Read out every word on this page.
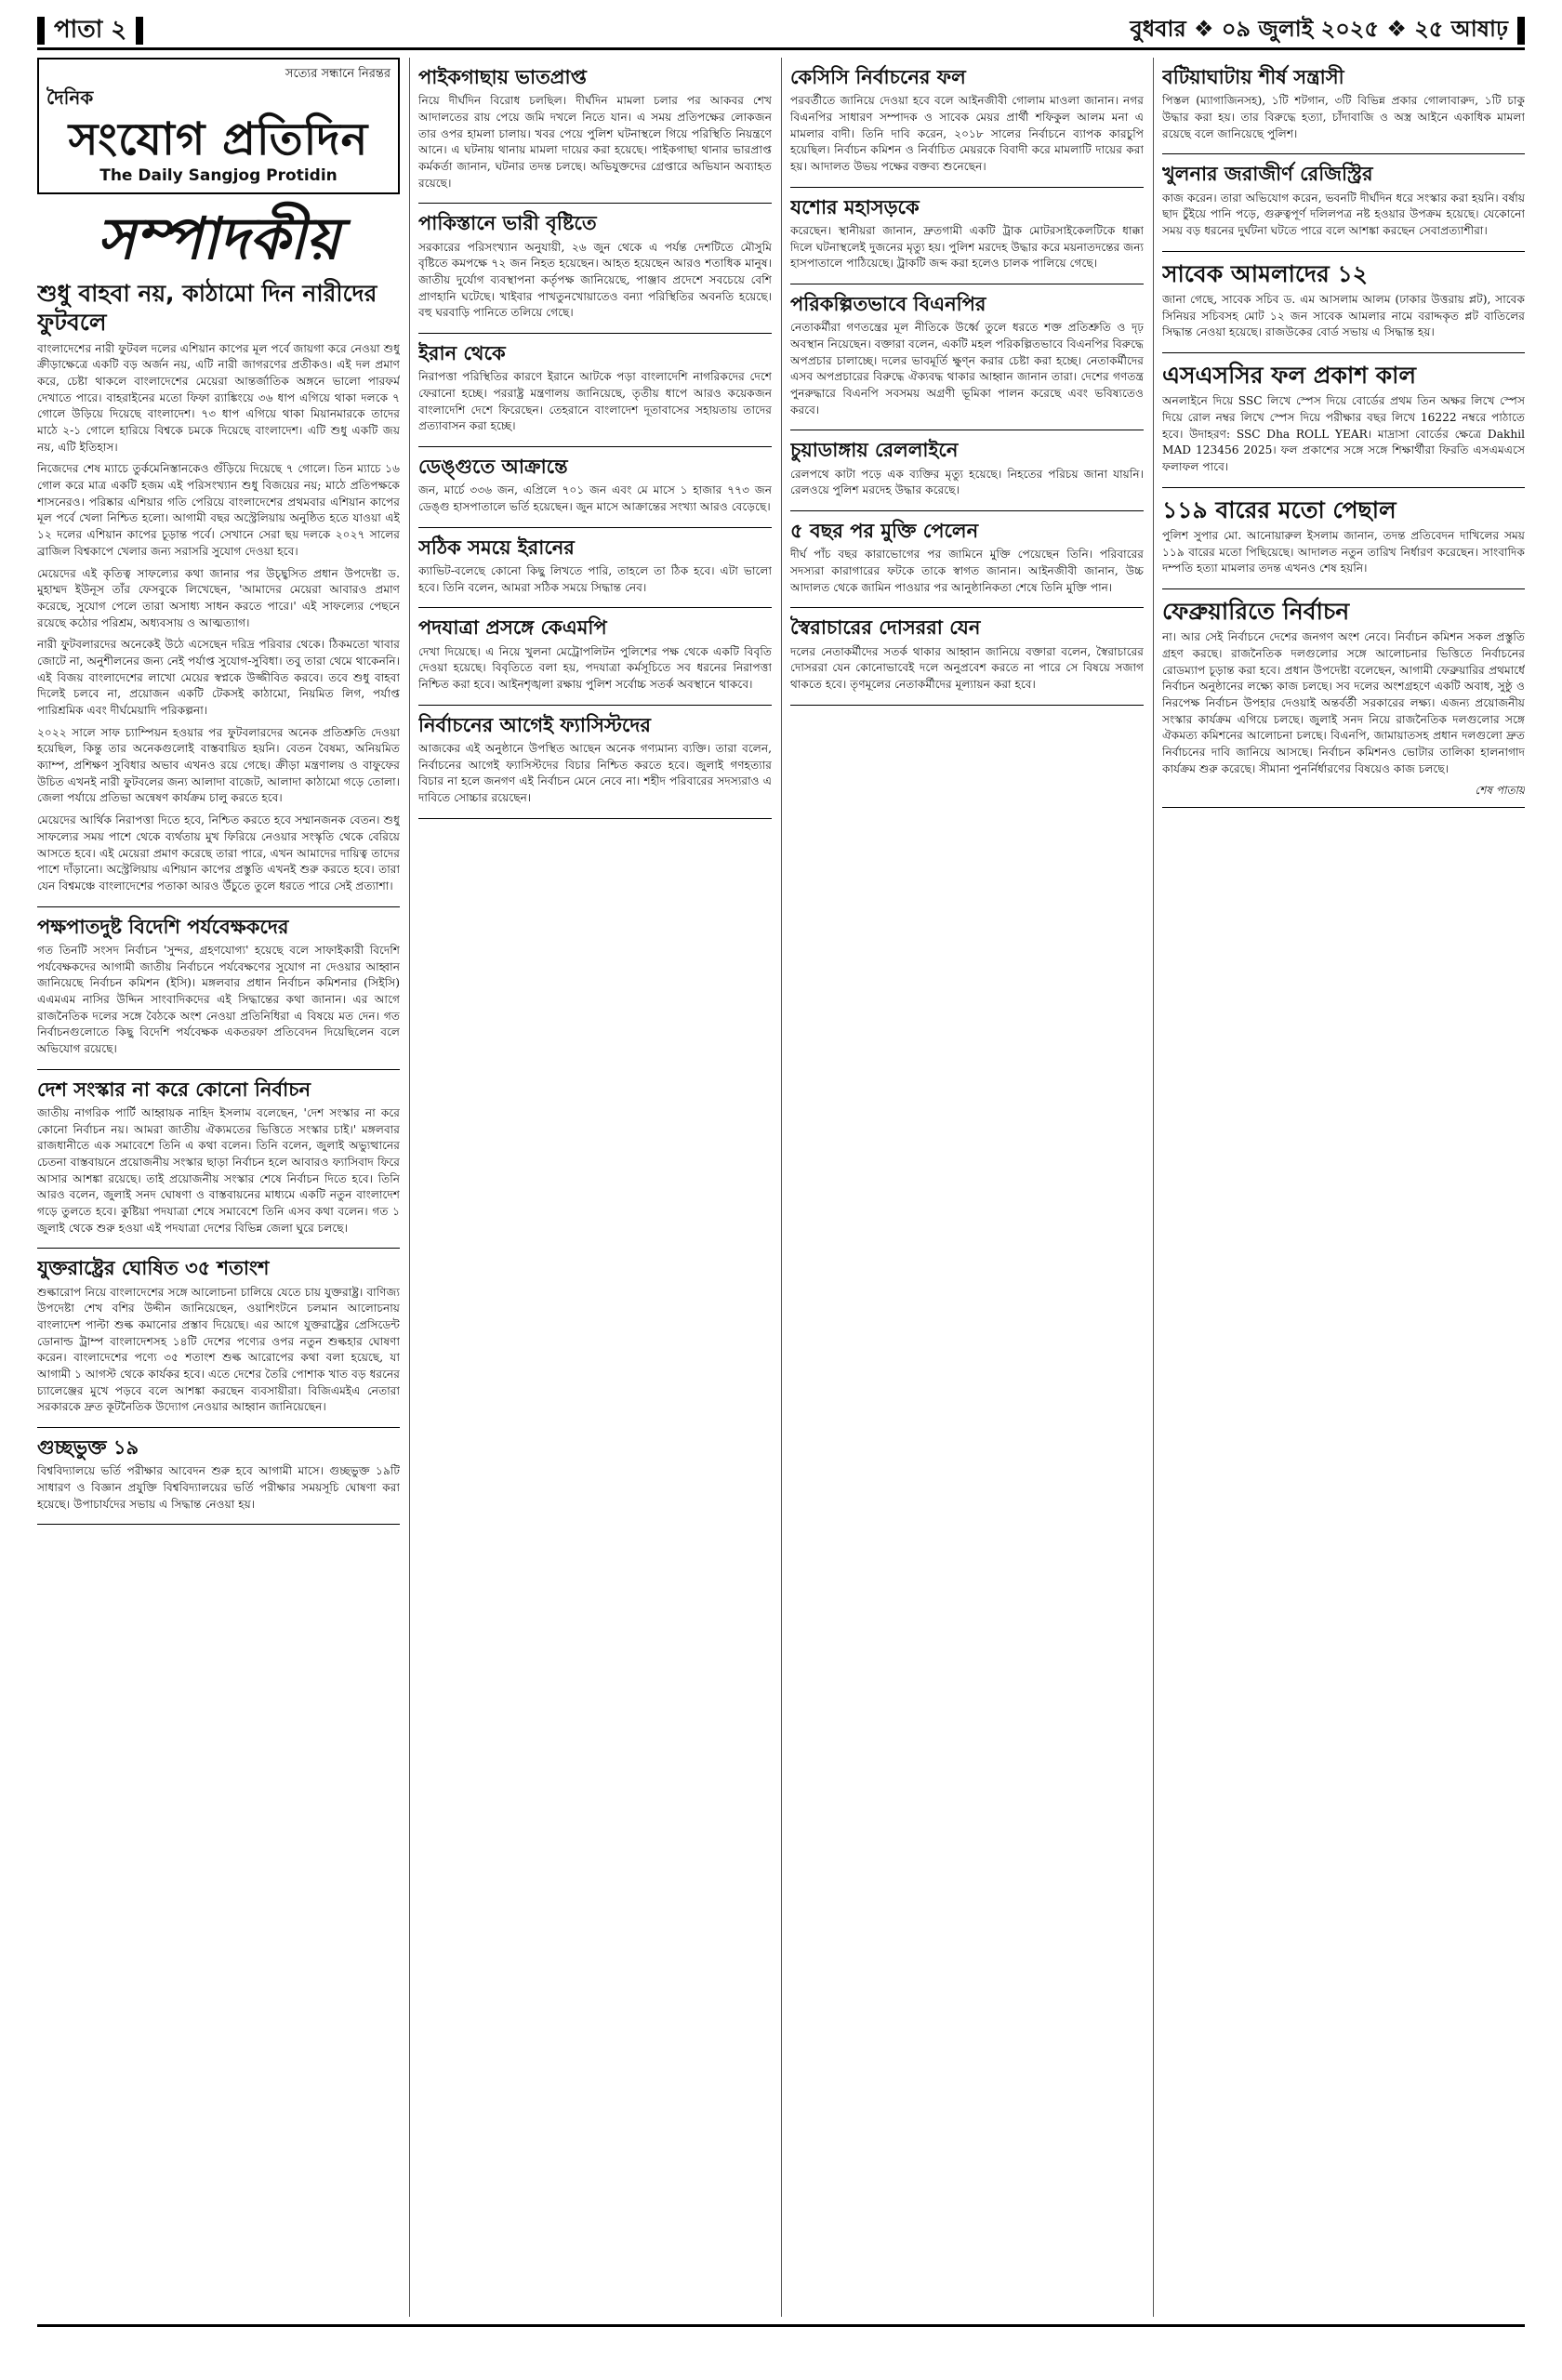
পাতা ২	বুধবার ❖ ০৯ জুলাই ২০২৫ ❖ ২৫ আষাঢ়
সত্যের সন্ধানে নিরন্তর
দৈনিক
সংযোগ প্রতিদিন
The Daily Sangjog Protidin
সম্পাদকীয়
শুধু বাহবা নয়, কাঠামো দিন নারীদের ফুটবলে

বাংলাদেশের নারী ফুটবল দলের এশিয়ান কাপের মূল পর্বে জায়গা করে নেওয়া শুধু ক্রীড়াক্ষেত্রে একটি বড় অর্জন নয়, এটি নারী জাগরণের প্রতীকও। এই দল প্রমাণ করে, চেষ্টা থাকলে বাংলাদেশের মেয়েরা আন্তর্জাতিক অঙ্গনে ভালো পারফর্ম দেখাতে পারে। বাহরাইনের মতো ফিফা র‍্যাঙ্কিংয়ে ৩৬ ধাপ এগিয়ে থাকা দলকে ৭ গোলে উড়িয়ে দিয়েছে বাংলাদেশ। ৭৩ ধাপ এগিয়ে থাকা মিয়ানমারকে তাদের মাঠে ২-১ গোলে হারিয়ে বিশ্বকে চমকে দিয়েছে বাংলাদেশ। এটি শুধু একটি জয় নয়, এটি ইতিহাস।

নিজেদের শেষ ম্যাচে তুর্কমেনিস্তানকেও গুঁড়িয়ে দিয়েছে ৭ গোলে। তিন ম্যাচে ১৬ গোল করে মাত্র একটি হজম এই পরিসংখ্যান শুধু বিজয়ের নয়; মাঠে প্রতিপক্ষকে শাসনেরও। পরিষ্কার এশিয়ার গতি পেরিয়ে বাংলাদেশের প্রথমবার এশিয়ান কাপের মূল পর্বে খেলা নিশ্চিত হলো। আগামী বছর অস্ট্রেলিয়ায় অনুষ্ঠিত হতে যাওয়া এই ১২ দলের এশিয়ান কাপের চূড়ান্ত পর্বে। সেখানে সেরা ছয় দলকে ২০২৭ সালের ব্রাজিল বিশ্বকাপে খেলার জন্য সরাসরি সুযোগ দেওয়া হবে।

মেয়েদের এই কৃতিত্ব সাফল্যের কথা জানার পর উচ্ছ্বসিত প্রধান উপদেষ্টা ড. মুহাম্মদ ইউনূস তাঁর ফেসবুকে লিখেছেন, 'আমাদের মেয়েরা আবারও প্রমাণ করেছে, সুযোগ পেলে তারা অসাধ্য সাধন করতে পারে।' এই সাফল্যের পেছনে রয়েছে কঠোর পরিশ্রম, অধ্যবসায় ও আত্মত্যাগ।

নারী ফুটবলারদের অনেকেই উঠে এসেছেন দরিদ্র পরিবার থেকে। ঠিকমতো খাবার জোটে না, অনুশীলনের জন্য নেই পর্যাপ্ত সুযোগ-সুবিধা। তবু তারা থেমে থাকেননি। এই বিজয় বাংলাদেশের লাখো মেয়ের স্বপ্নকে উজ্জীবিত করবে। তবে শুধু বাহবা দিলেই চলবে না, প্রয়োজন একটি টেকসই কাঠামো, নিয়মিত লিগ, পর্যাপ্ত পারিশ্রমিক এবং দীর্ঘমেয়াদি পরিকল্পনা।

২০২২ সালে সাফ চ্যাম্পিয়ন হওয়ার পর ফুটবলারদের অনেক প্রতিশ্রুতি দেওয়া হয়েছিল, কিন্তু তার অনেকগুলোই বাস্তবায়িত হয়নি। বেতন বৈষম্য, অনিয়মিত ক্যাম্প, প্রশিক্ষণ সুবিধার অভাব এখনও রয়ে গেছে। ক্রীড়া মন্ত্রণালয় ও বাফুফের উচিত এখনই নারী ফুটবলের জন্য আলাদা বাজেট, আলাদা কাঠামো গড়ে তোলা। জেলা পর্যায়ে প্রতিভা অন্বেষণ কার্যক্রম চালু করতে হবে।

মেয়েদের আর্থিক নিরাপত্তা দিতে হবে, নিশ্চিত করতে হবে সম্মানজনক বেতন। শুধু সাফল্যের সময় পাশে থেকে ব্যর্থতায় মুখ ফিরিয়ে নেওয়ার সংস্কৃতি থেকে বেরিয়ে আসতে হবে। এই মেয়েরা প্রমাণ করেছে তারা পারে, এখন আমাদের দায়িত্ব তাদের পাশে দাঁড়ানো। অস্ট্রেলিয়ায় এশিয়ান কাপের প্রস্তুতি এখনই শুরু করতে হবে। তারা যেন বিশ্বমঞ্চে বাংলাদেশের পতাকা আরও উঁচুতে তুলে ধরতে পারে সেই প্রত্যাশা।

পক্ষপাতদুষ্ট বিদেশি পর্যবেক্ষকদের

গত তিনটি সংসদ নির্বাচন 'সুন্দর, গ্রহণযোগ্য' হয়েছে বলে সাফাইকারী বিদেশি পর্যবেক্ষকদের আগামী জাতীয় নির্বাচনে পর্যবেক্ষণের সুযোগ না দেওয়ার আহ্বান জানিয়েছে নির্বাচন কমিশন (ইসি)। মঙ্গলবার প্রধান নির্বাচন কমিশনার (সিইসি) এএমএম নাসির উদ্দিন সাংবাদিকদের এই সিদ্ধান্তের কথা জানান। এর আগে রাজনৈতিক দলের সঙ্গে বৈঠকে অংশ নেওয়া প্রতিনিধিরা এ বিষয়ে মত দেন। গত নির্বাচনগুলোতে কিছু বিদেশি পর্যবেক্ষক একতরফা প্রতিবেদন দিয়েছিলেন বলে অভিযোগ রয়েছে।

দেশ সংস্কার না করে কোনো নির্বাচন

জাতীয় নাগরিক পার্টি আহ্বায়ক নাহিদ ইসলাম বলেছেন, 'দেশ সংস্কার না করে কোনো নির্বাচন নয়। আমরা জাতীয় ঐক্যমতের ভিত্তিতে সংস্কার চাই।' মঙ্গলবার রাজধানীতে এক সমাবেশে তিনি এ কথা বলেন। তিনি বলেন, জুলাই অভ্যুত্থানের চেতনা বাস্তবায়নে প্রয়োজনীয় সংস্কার ছাড়া নির্বাচন হলে আবারও ফ্যাসিবাদ ফিরে আসার আশঙ্কা রয়েছে। তাই প্রয়োজনীয় সংস্কার শেষে নির্বাচন দিতে হবে। তিনি আরও বলেন, জুলাই সনদ ঘোষণা ও বাস্তবায়নের মাধ্যমে একটি নতুন বাংলাদেশ গড়ে তুলতে হবে। কুষ্টিয়া পদযাত্রা শেষে সমাবেশে তিনি এসব কথা বলেন। গত ১ জুলাই থেকে শুরু হওয়া এই পদযাত্রা দেশের বিভিন্ন জেলা ঘুরে চলছে।

যুক্তরাষ্ট্রের ঘোষিত ৩৫ শতাংশ

শুল্কারোপ নিয়ে বাংলাদেশের সঙ্গে আলোচনা চালিয়ে যেতে চায় যুক্তরাষ্ট্র। বাণিজ্য উপদেষ্টা শেখ বশির উদ্দীন জানিয়েছেন, ওয়াশিংটনে চলমান আলোচনায় বাংলাদেশ পাল্টা শুল্ক কমানোর প্রস্তাব দিয়েছে। এর আগে যুক্তরাষ্ট্রের প্রেসিডেন্ট ডোনাল্ড ট্রাম্প বাংলাদেশসহ ১৪টি দেশের পণ্যের ওপর নতুন শুল্কহার ঘোষণা করেন। বাংলাদেশের পণ্যে ৩৫ শতাংশ শুল্ক আরোপের কথা বলা হয়েছে, যা আগামী ১ আগস্ট থেকে কার্যকর হবে। এতে দেশের তৈরি পোশাক খাত বড় ধরনের চ্যালেঞ্জের মুখে পড়বে বলে আশঙ্কা করছেন ব্যবসায়ীরা। বিজিএমইএ নেতারা সরকারকে দ্রুত কূটনৈতিক উদ্যোগ নেওয়ার আহ্বান জানিয়েছেন।

গুচ্ছভুক্ত ১৯

বিশ্ববিদ্যালয়ে ভর্তি পরীক্ষার আবেদন শুরু হবে আগামী মাসে। গুচ্ছভুক্ত ১৯টি সাধারণ ও বিজ্ঞান প্রযুক্তি বিশ্ববিদ্যালয়ের ভর্তি পরীক্ষার সময়সূচি ঘোষণা করা হয়েছে। উপাচার্যদের সভায় এ সিদ্ধান্ত নেওয়া হয়।

পাইকগাছায় ভাতপ্রাপ্ত

নিয়ে দীর্ঘদিন বিরোধ চলছিল। দীর্ঘদিন মামলা চলার পর আকবর শেখ আদালতের রায় পেয়ে জমি দখলে নিতে যান। এ সময় প্রতিপক্ষের লোকজন তার ওপর হামলা চালায়। খবর পেয়ে পুলিশ ঘটনাস্থলে গিয়ে পরিস্থিতি নিয়ন্ত্রণে আনে। এ ঘটনায় থানায় মামলা দায়ের করা হয়েছে। পাইকগাছা থানার ভারপ্রাপ্ত কর্মকর্তা জানান, ঘটনার তদন্ত চলছে। অভিযুক্তদের গ্রেপ্তারে অভিযান অব্যাহত রয়েছে।

পাকিস্তানে ভারী বৃষ্টিতে

সরকারের পরিসংখ্যান অনুযায়ী, ২৬ জুন থেকে এ পর্যন্ত দেশটিতে মৌসুমি বৃষ্টিতে কমপক্ষে ৭২ জন নিহত হয়েছেন। আহত হয়েছেন আরও শতাধিক মানুষ। জাতীয় দুর্যোগ ব্যবস্থাপনা কর্তৃপক্ষ জানিয়েছে, পাঞ্জাব প্রদেশে সবচেয়ে বেশি প্রাণহানি ঘটেছে। খাইবার পাখতুনখোয়াতেও বন্যা পরিস্থিতির অবনতি হয়েছে। বহু ঘরবাড়ি পানিতে তলিয়ে গেছে।

ইরান থেকে

নিরাপত্তা পরিস্থিতির কারণে ইরানে আটকে পড়া বাংলাদেশি নাগরিকদের দেশে ফেরানো হচ্ছে। পররাষ্ট্র মন্ত্রণালয় জানিয়েছে, তৃতীয় ধাপে আরও কয়েকজন বাংলাদেশি দেশে ফিরেছেন। তেহরানে বাংলাদেশ দূতাবাসের সহায়তায় তাদের প্রত্যাবাসন করা হচ্ছে।

ডেঙ্গুতে আক্রান্তে

জন, মার্চে ৩৩৬ জন, এপ্রিলে ৭০১ জন এবং মে মাসে ১ হাজার ৭৭৩ জন ডেঙ্গু হাসপাতালে ভর্তি হয়েছেন। জুন মাসে আক্রান্তের সংখ্যা আরও বেড়েছে।

সঠিক সময়ে ইরানের

ক্যাভিট-বলেছে কোনো কিছু লিখতে পারি, তাহলে তা ঠিক হবে। এটা ভালো হবে। তিনি বলেন, আমরা সঠিক সময়ে সিদ্ধান্ত নেব।

পদযাত্রা প্রসঙ্গে কেএমপি

দেখা দিয়েছে। এ নিয়ে খুলনা মেট্রোপলিটন পুলিশের পক্ষ থেকে একটি বিবৃতি দেওয়া হয়েছে। বিবৃতিতে বলা হয়, পদযাত্রা কর্মসূচিতে সব ধরনের নিরাপত্তা নিশ্চিত করা হবে। আইনশৃঙ্খলা রক্ষায় পুলিশ সর্বোচ্চ সতর্ক অবস্থানে থাকবে।

নির্বাচনের আগেই ফ্যাসিস্টদের

আজকের এই অনুষ্ঠানে উপস্থিত আছেন অনেক গণ্যমান্য ব্যক্তি। তারা বলেন, নির্বাচনের আগেই ফ্যাসিস্টদের বিচার নিশ্চিত করতে হবে। জুলাই গণহত্যার বিচার না হলে জনগণ এই নির্বাচন মেনে নেবে না। শহীদ পরিবারের সদস্যরাও এ দাবিতে সোচ্চার রয়েছেন।

কেসিসি নির্বাচনের ফল

পরবর্তীতে জানিয়ে দেওয়া হবে বলে আইনজীবী গোলাম মাওলা জানান। নগর বিএনপির সাধারণ সম্পাদক ও সাবেক মেয়র প্রার্থী শফিকুল আলম মনা এ মামলার বাদী। তিনি দাবি করেন, ২০১৮ সালের নির্বাচনে ব্যাপক কারচুপি হয়েছিল। নির্বাচন কমিশন ও নির্বাচিত মেয়রকে বিবাদী করে মামলাটি দায়ের করা হয়। আদালত উভয় পক্ষের বক্তব্য শুনেছেন।

যশোর মহাসড়কে

করেছেন। স্থানীয়রা জানান, দ্রুতগামী একটি ট্রাক মোটরসাইকেলটিকে ধাক্কা দিলে ঘটনাস্থলেই দুজনের মৃত্যু হয়। পুলিশ মরদেহ উদ্ধার করে ময়নাতদন্তের জন্য হাসপাতালে পাঠিয়েছে। ট্রাকটি জব্দ করা হলেও চালক পালিয়ে গেছে।

পরিকল্পিতভাবে বিএনপির

নেতাকর্মীরা গণতন্ত্রের মূল নীতিকে উর্ধ্বে তুলে ধরতে শক্ত প্রতিশ্রুতি ও দৃঢ় অবস্থান নিয়েছেন। বক্তারা বলেন, একটি মহল পরিকল্পিতভাবে বিএনপির বিরুদ্ধে অপপ্রচার চালাচ্ছে। দলের ভাবমূর্তি ক্ষুণ্ন করার চেষ্টা করা হচ্ছে। নেতাকর্মীদের এসব অপপ্রচারের বিরুদ্ধে ঐক্যবদ্ধ থাকার আহ্বান জানান তারা। দেশের গণতন্ত্র পুনরুদ্ধারে বিএনপি সবসময় অগ্রণী ভূমিকা পালন করেছে এবং ভবিষ্যতেও করবে।

চুয়াডাঙ্গায় রেললাইনে

রেলপথে কাটা পড়ে এক ব্যক্তির মৃত্যু হয়েছে। নিহতের পরিচয় জানা যায়নি। রেলওয়ে পুলিশ মরদেহ উদ্ধার করেছে।

৫ বছর পর মুক্তি পেলেন

দীর্ঘ পাঁচ বছর কারাভোগের পর জামিনে মুক্তি পেয়েছেন তিনি। পরিবারের সদস্যরা কারাগারের ফটকে তাকে স্বাগত জানান। আইনজীবী জানান, উচ্চ আদালত থেকে জামিন পাওয়ার পর আনুষ্ঠানিকতা শেষে তিনি মুক্তি পান।

স্বৈরাচারের দোসররা যেন

দলের নেতাকর্মীদের সতর্ক থাকার আহ্বান জানিয়ে বক্তারা বলেন, স্বৈরাচারের দোসররা যেন কোনোভাবেই দলে অনুপ্রবেশ করতে না পারে সে বিষয়ে সজাগ থাকতে হবে। তৃণমূলের নেতাকর্মীদের মূল্যায়ন করা হবে।

বটিয়াঘাটায় শীর্ষ সন্ত্রাসী

পিস্তল (ম্যাগাজিনসহ), ১টি শটগান, ৩টি বিভিন্ন প্রকার গোলাবারুদ, ১টি চাকু উদ্ধার করা হয়। তার বিরুদ্ধে হত্যা, চাঁদাবাজি ও অস্ত্র আইনে একাধিক মামলা রয়েছে বলে জানিয়েছে পুলিশ।

খুলনার জরাজীর্ণ রেজিস্ট্রির

কাজ করেন। তারা অভিযোগ করেন, ভবনটি দীর্ঘদিন ধরে সংস্কার করা হয়নি। বর্ষায় ছাদ চুঁইয়ে পানি পড়ে, গুরুত্বপূর্ণ দলিলপত্র নষ্ট হওয়ার উপক্রম হয়েছে। যেকোনো সময় বড় ধরনের দুর্ঘটনা ঘটতে পারে বলে আশঙ্কা করছেন সেবাপ্রত্যাশীরা।

সাবেক আমলাদের ১২

জানা গেছে, সাবেক সচিব ড. এম আসলাম আলম (ঢাকার উত্তরায় প্লট), সাবেক সিনিয়র সচিবসহ মোট ১২ জন সাবেক আমলার নামে বরাদ্দকৃত প্লট বাতিলের সিদ্ধান্ত নেওয়া হয়েছে। রাজউকের বোর্ড সভায় এ সিদ্ধান্ত হয়।

এসএসসির ফল প্রকাশ কাল

অনলাইনে দিয়ে SSC লিখে স্পেস দিয়ে বোর্ডের প্রথম তিন অক্ষর লিখে স্পেস দিয়ে রোল নম্বর লিখে স্পেস দিয়ে পরীক্ষার বছর লিখে 16222 নম্বরে পাঠাতে হবে। উদাহরণ: SSC Dha ROLL YEAR। মাদ্রাসা বোর্ডের ক্ষেত্রে Dakhil MAD 123456 2025। ফল প্রকাশের সঙ্গে সঙ্গে শিক্ষার্থীরা ফিরতি এসএমএসে ফলাফল পাবে।

১১৯ বারের মতো পেছাল

পুলিশ সুপার মো. আনোয়ারুল ইসলাম জানান, তদন্ত প্রতিবেদন দাখিলের সময় ১১৯ বারের মতো পিছিয়েছে। আদালত নতুন তারিখ নির্ধারণ করেছেন। সাংবাদিক দম্পতি হত্যা মামলার তদন্ত এখনও শেষ হয়নি।

ফেব্রুয়ারিতে নির্বাচন

না। আর সেই নির্বাচনে দেশের জনগণ অংশ নেবে। নির্বাচন কমিশন সকল প্রস্তুতি গ্রহণ করছে। রাজনৈতিক দলগুলোর সঙ্গে আলোচনার ভিত্তিতে নির্বাচনের রোডম্যাপ চূড়ান্ত করা হবে। প্রধান উপদেষ্টা বলেছেন, আগামী ফেব্রুয়ারির প্রথমার্ধে নির্বাচন অনুষ্ঠানের লক্ষ্যে কাজ চলছে। সব দলের অংশগ্রহণে একটি অবাধ, সুষ্ঠু ও নিরপেক্ষ নির্বাচন উপহার দেওয়াই অন্তর্বর্তী সরকারের লক্ষ্য। এজন্য প্রয়োজনীয় সংস্কার কার্যক্রম এগিয়ে চলছে। জুলাই সনদ নিয়ে রাজনৈতিক দলগুলোর সঙ্গে ঐকমত্য কমিশনের আলোচনা চলছে। বিএনপি, জামায়াতসহ প্রধান দলগুলো দ্রুত নির্বাচনের দাবি জানিয়ে আসছে। নির্বাচন কমিশনও ভোটার তালিকা হালনাগাদ কার্যক্রম শুরু করেছে। সীমানা পুনর্নির্ধারণের বিষয়েও কাজ চলছে।

শেষ পাতায়
